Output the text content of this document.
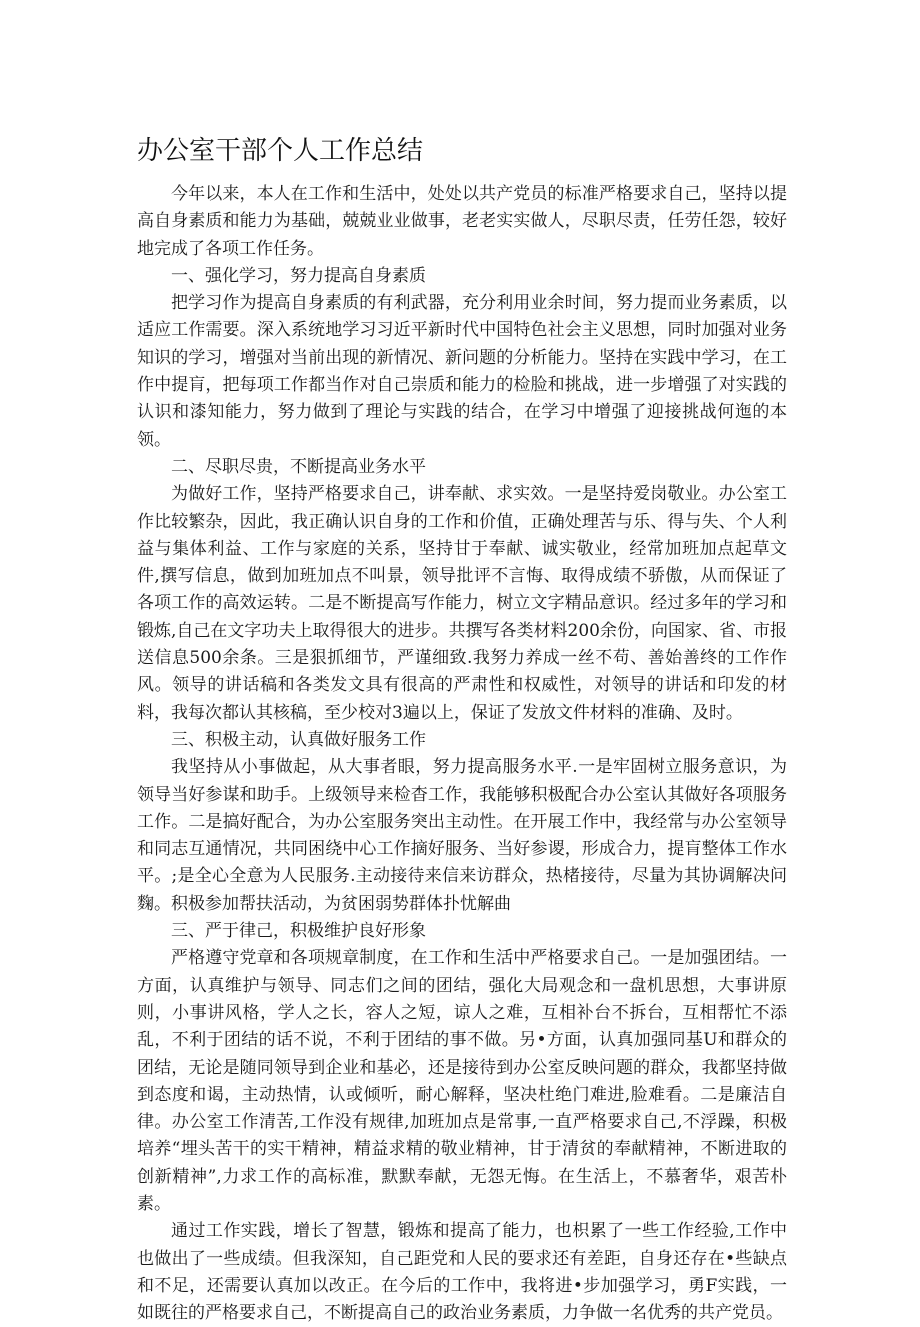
办公室干部个人工作总结

今年以来，本人在工作和生活中，处处以共产党员的标准严格要求自己，坚持以提高自身素质和能力为基础，兢兢业业做事，老老实实做人，尽职尽责，任劳任怨，较好地完成了各项工作任务。

一、强化学习，努力提高自身素质

把学习作为提高自身素质的有利武器，充分利用业余时间，努力提而业务素质，以适应工作需要。深入系统地学习习近平新时代中国特色社会主义思想，同时加强对业务知识的学习，增强对当前出现的新情况、新问题的分析能力。坚持在实践中学习，在工作中提肓，把每项工作都当作对自己崇质和能力的检脸和挑战，进一步增强了对实践的认识和漆知能力，努力做到了理论与实践的结合，在学习中增强了迎接挑战何迤的本领。

二、尽职尽贵，不断提高业务水平

为做好工作，坚持严格要求自己，讲奉献、求实效。一是坚持爱岗敬业。办公室工作比较繁杂，因此，我正确认识自身的工作和价值，正确处理苦与乐、得与失、个人利益与集体利益、工作与家庭的关系，坚持甘于奉献、诚实敬业，经常加班加点起草文件,撰写信息，做到加班加点不叫景，领导批评不言悔、取得成绩不骄傲，从而保证了各项工作的高效运转。二是不断提高写作能力，树立文字精品意识。经过多年的学习和锻炼,自己在文字功夫上取得很大的进步。共撰写各类材料200余份，向国家、省、市报送信息500余条。三是狠抓细节，严谨细致.我努力养成一丝不苟、善始善终的工作作风。领导的讲话稿和各类发文具有很高的严肃性和权威性，对领导的讲话和印发的材料，我每次都认其核稿，至少校对3遍以上，保证了发放文件材料的准确、及时。

三、积极主动，认真做好服务工作

我坚持从小事做起，从大事者眼，努力提高服务水平.一是牢固树立服务意识，为领导当好参谋和助手。上级领导来检杳工作，我能够积极配合办公室认其做好各项服务工作。二是搞好配合，为办公室服务突出主动性。在开展工作中，我经常与办公室领导和同志互通情况，共同困绕中心工作摘好服务、当好参谡，形成合力，提肓整体工作水平。;是全心全意为人民服务.主动接待来信来访群众，热楮接待，尽量为其协调解决问麴。积极参加帮扶活动，为贫困弱势群体扑忧解曲

三、严于律己，积极维护良好形象

严格遵守党章和各项规章制度，在工作和生活中严格要求自己。一是加强团结。一方面，认真维护与领导、同志们之间的团结，强化大局观念和一盘机思想，大事讲原则，小事讲风格，学人之长，容人之短，谅人之难，互相补台不拆台，互相帮忙不添乱，不利于团结的话不说，不利于团结的事不做。另•方面，认真加强同基U和群众的团结，无论是随同领导到企业和基必，还是接待到办公室反映问题的群众，我都坚持做到态度和谒，主动热情，认或倾听，耐心解释，坚决杜绝门难进,脸难看。二是廉洁自律。办公室工作清苦,工作没有规律,加班加点是常事,一直严格要求自己,不浮躁，积极培养“埋头苦干的实干精神，精益求精的敬业精神，甘于清贫的奉献精神，不断进取的创新精神”,力求工作的高标准，默默奉献，无怨无悔。在生活上，不慕奢华，艰苦朴素。

通过工作实践，增长了智慧，锻炼和提高了能力，也枳累了一些工作经验,工作中也做出了一些成绩。但我深知，自己距党和人民的要求还有差距，自身还存在•些缺点和不足，还需要认真加以改正。在今后的工作中，我将进•步加强学习，勇F实践，一如既往的严格要求自己，不断提高自己的政治业务素质，力争做一名优秀的共产党员。
